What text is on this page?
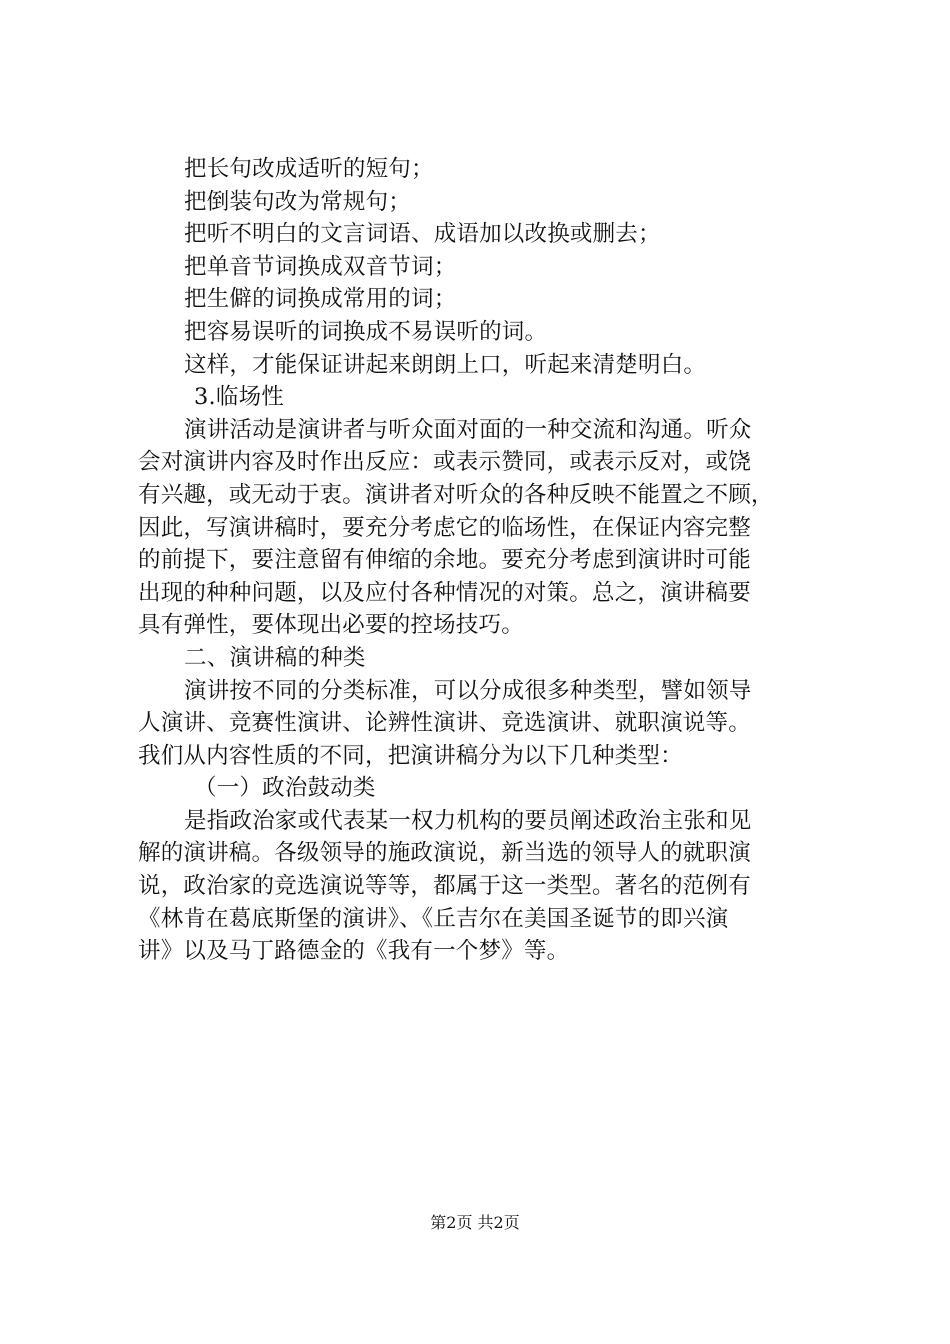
把长句改成适听的短句；
把倒装句改为常规句；
把听不明白的文言词语、成语加以改换或删去；
把单音节词换成双音节词；
把生僻的词换成常用的词；
把容易误听的词换成不易误听的词。
这样，才能保证讲起来朗朗上口，听起来清楚明白。
3.临场性
演讲活动是演讲者与听众面对面的一种交流和沟通。听众
会对演讲内容及时作出反应：或表示赞同，或表示反对，或饶
有兴趣，或无动于衷。演讲者对听众的各种反映不能置之不顾，
因此，写演讲稿时，要充分考虑它的临场性，在保证内容完整
的前提下，要注意留有伸缩的余地。要充分考虑到演讲时可能
出现的种种问题，以及应付各种情况的对策。总之，演讲稿要
具有弹性，要体现出必要的控场技巧。
二、演讲稿的种类
演讲按不同的分类标准，可以分成很多种类型，譬如领导
人演讲、竞赛性演讲、论辨性演讲、竞选演讲、就职演说等。
我们从内容性质的不同，把演讲稿分为以下几种类型：
（一）政治鼓动类
是指政治家或代表某一权力机构的要员阐述政治主张和见
解的演讲稿。各级领导的施政演说，新当选的领导人的就职演
说，政治家的竞选演说等等，都属于这一类型。著名的范例有
《林肯在葛底斯堡的演讲》、《丘吉尔在美国圣诞节的即兴演
讲》以及马丁路德金的《我有一个梦》等。
第2页 共2页
